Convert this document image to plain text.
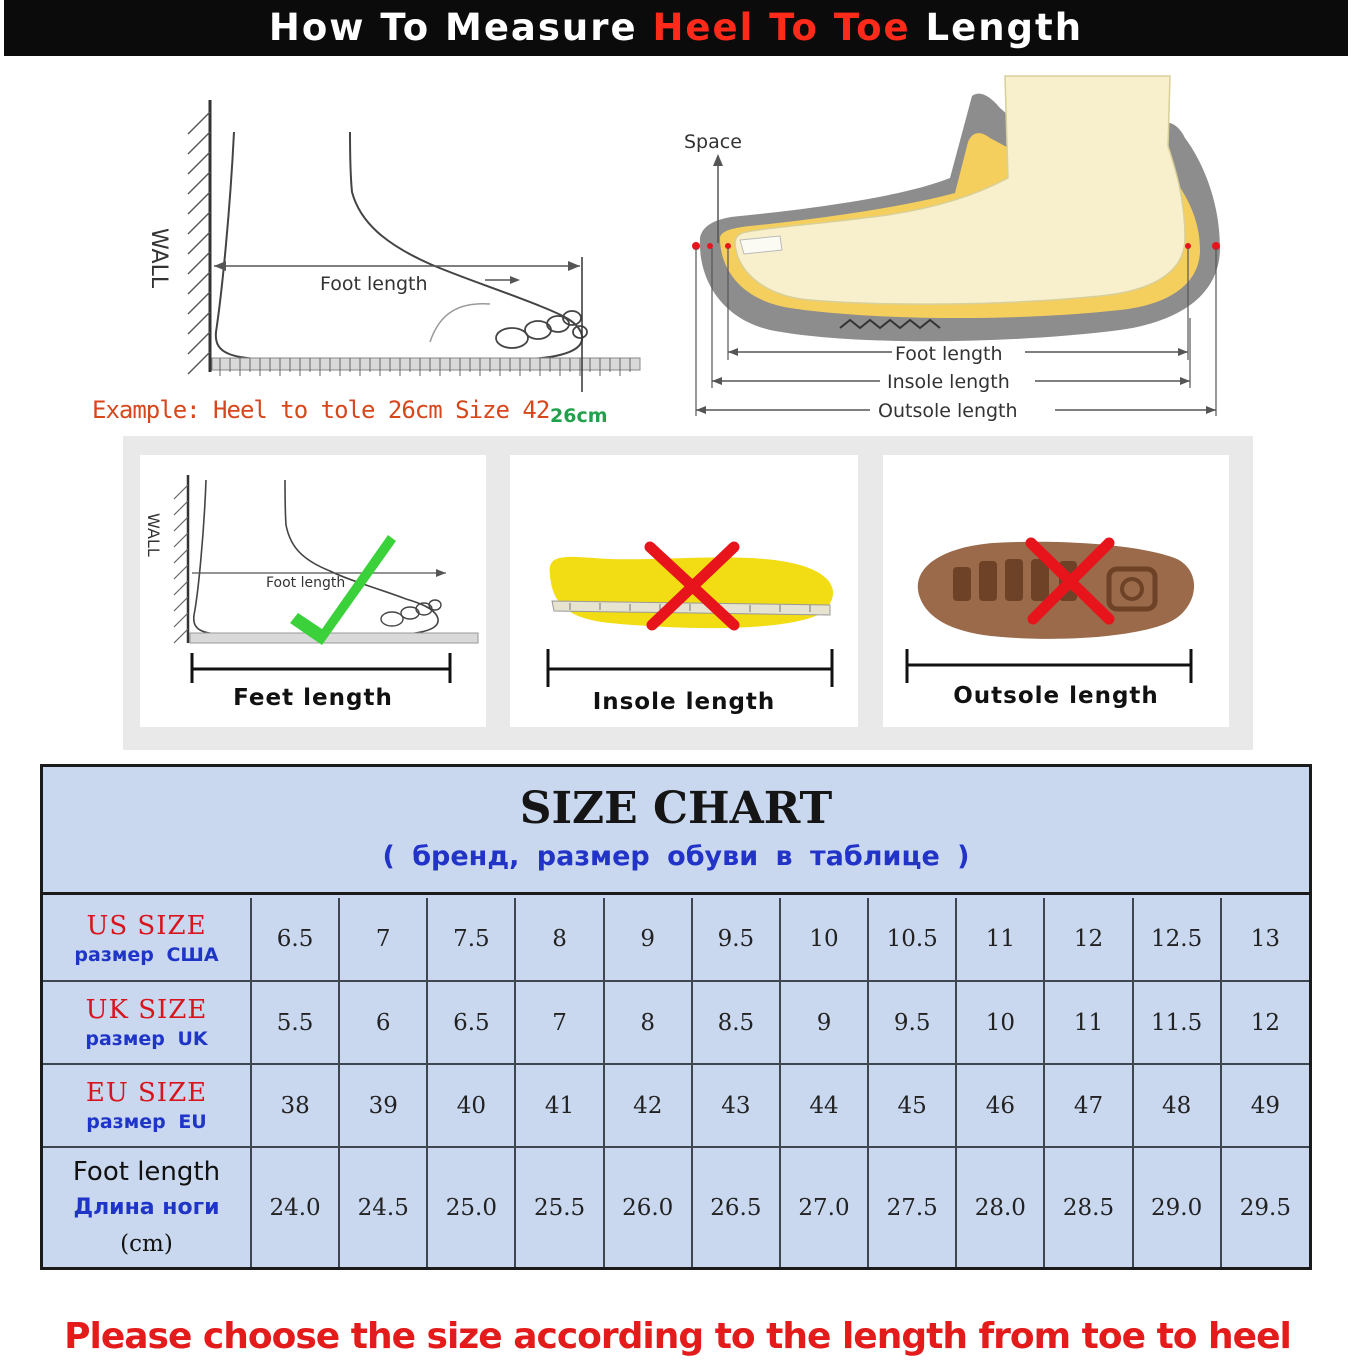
How To Measure Heel To Toe Length
WALL	Foot length
Example: Heel to tole 26cm Size 42 26cm
Space
Foot length
Insole length
Outsole length
WALL
Foot length
Feet length	Insole length	Outsole length
SIZE CHART
( бренд, размер обуви в таблице )
US SIZE
размер США	6.5	7	7.5	8	9	9.5	10	10.5	11	12	12.5	13

UK SIZE
размер UK	5.5	6	6.5	7	8	8.5	9	9.5	10	11	11.5	12

EU SIZE
размер EU	38	39	40	41	42	43	44	45	46	47	48	49

Foot length
Длина ноги
(cm)	24.0	24.5	25.0	25.5	26.0	26.5	27.0	27.5	28.0	28.5	29.0	29.5
Please choose the size according to the length from toe to heel
